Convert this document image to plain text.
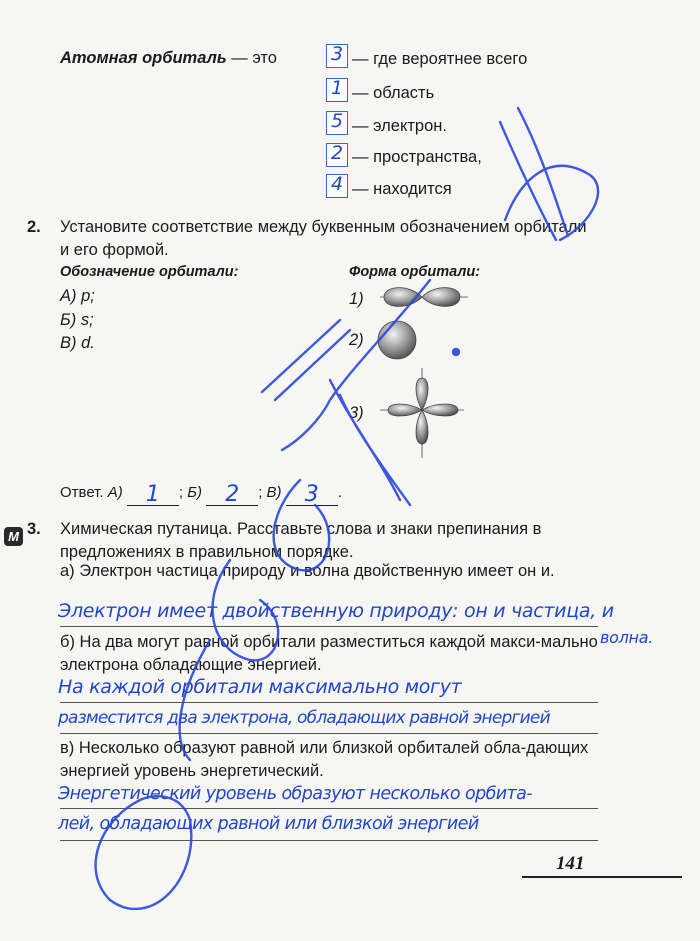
Атомная орбиталь — это	3 — где вероятнее всего
1 — область
5 — электрон.
2 — пространства,
4 — находится
2. Установите соответствие между буквенным обозначением орбитали и его формой.
Обозначение орбитали:	Форма орбитали:
А) p;
Б) s;
В) d.
1)
2)
3)
Ответ. А) 1 ; Б) 2 ; В) 3 .
М 3. Химическая путаница. Расставьте слова и знаки препинания в предложениях в правильном порядке.
а) Электрон частица природу и волна двойственную имеет он и.
Электрон имеет двойственную природу: он и частица, и
волна.
б) На два могут равной орбитали разместиться каждой макси-мально электрона обладающие энергией.
На каждой орбитали максимально могут
разместится два электрона, обладающих равной энергией
в) Несколько образуют равной или близкой орбиталей обла-дающих энергией уровень энергетический.
Энергетический уровень образуют несколько орбита-
лей, обладающих равной или близкой энергией
141
